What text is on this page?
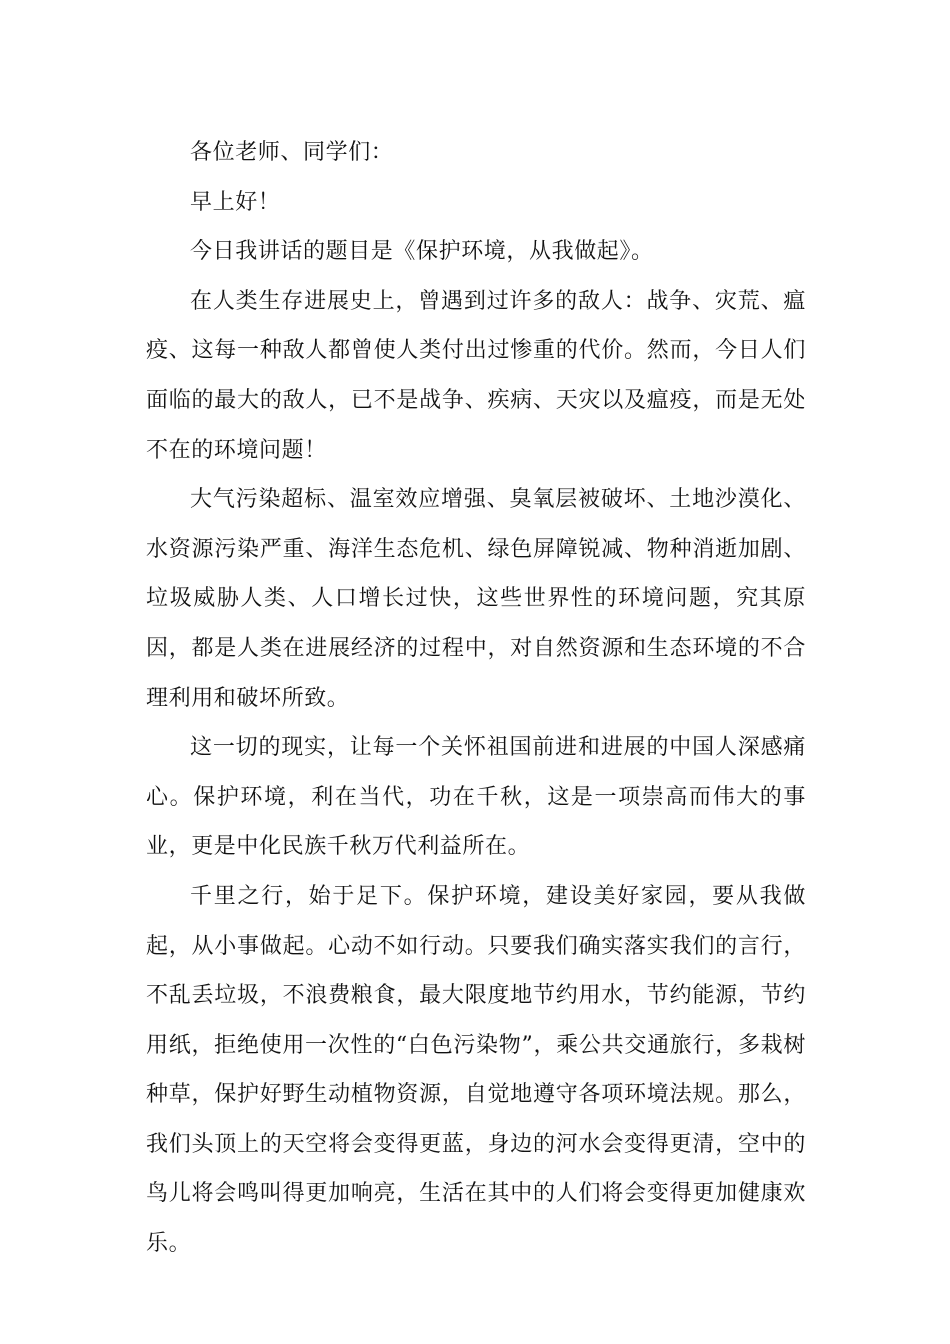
各位老师、同学们：

早上好！

今日我讲话的题目是《保护环境，从我做起》。

在人类生存进展史上，曾遇到过许多的敌人：战争、灾荒、瘟疫、这每一种敌人都曾使人类付出过惨重的代价。然而，今日人们面临的最大的敌人，已不是战争、疾病、天灾以及瘟疫，而是无处不在的环境问题！

大气污染超标、温室效应增强、臭氧层被破坏、土地沙漠化、水资源污染严重、海洋生态危机、绿色屏障锐减、物种消逝加剧、垃圾威胁人类、人口增长过快，这些世界性的环境问题，究其原因，都是人类在进展经济的过程中，对自然资源和生态环境的不合理利用和破坏所致。

这一切的现实，让每一个关怀祖国前进和进展的中国人深感痛心。保护环境，利在当代，功在千秋，这是一项崇高而伟大的事业，更是中化民族千秋万代利益所在。

千里之行，始于足下。保护环境，建设美好家园，要从我做起，从小事做起。心动不如行动。只要我们确实落实我们的言行，不乱丢垃圾，不浪费粮食，最大限度地节约用水，节约能源，节约用纸，拒绝使用一次性的“白色污染物”，乘公共交通旅行，多栽树种草，保护好野生动植物资源，自觉地遵守各项环境法规。那么，我们头顶上的天空将会变得更蓝，身边的河水会变得更清，空中的鸟儿将会鸣叫得更加响亮，生活在其中的人们将会变得更加健康欢乐。
